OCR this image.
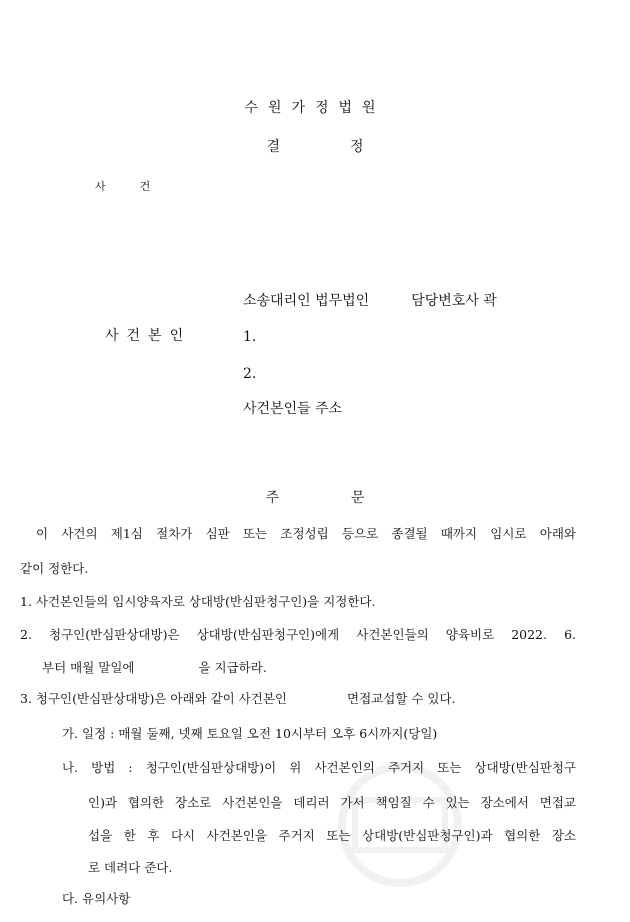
수원가정법원
결	정
사	건
사건본인
소송대리인 법무법인	담당변호사 곽
1.
2.
사건본인들 주소
주	문
이 사건의 제1심 절차가 심판 또는 조정성립 등으로 종결될 때까지 임시로 아래와
같이 정한다.
1. 사건본인들의 임시양육자로 상대방(반심판청구인)을 지정한다.
2. 청구인(반심판상대방)은 상대방(반심판청구인)에게 사건본인들의 양육비로 2022. 6.
부터 매월 말일에	을 지급하라.
3. 청구인(반심판상대방)은 아래와 같이 사건본인	면접교섭할 수 있다.
가. 일정 : 매월 둘째, 넷째 토요일 오전 10시부터 오후 6시까지(당일)
나. 방법 : 청구인(반심판상대방)이 위 사건본인의 주거지 또는 상대방(반심판청구
인)과 협의한 장소로 사건본인을 데리러 가서 책임질 수 있는 장소에서 면접교
섭을 한 후 다시 사건본인을 주거지 또는 상대방(반심판청구인)과 협의한 장소
로 데려다 준다.
다. 유의사항
